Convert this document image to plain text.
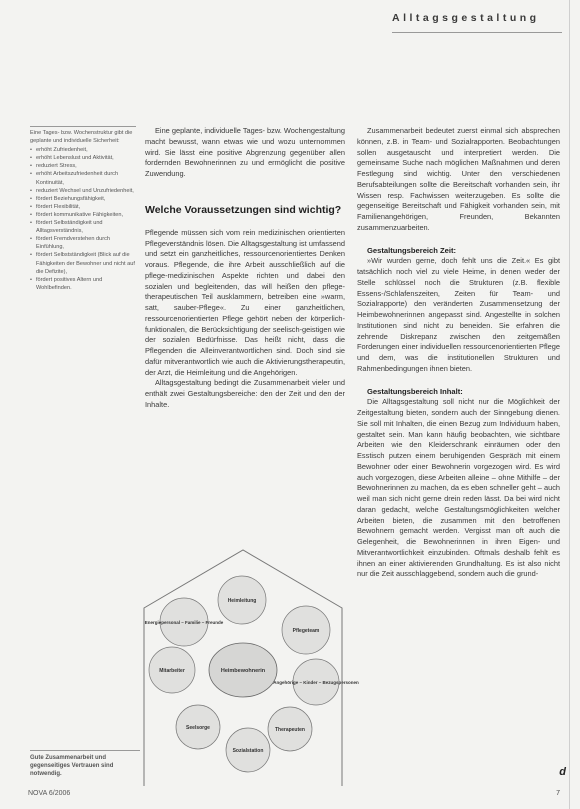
Alltagsgestaltung

Eine Tages- bzw. Wochenstruktur gibt die geplante und individuelle Sicherheit:

• erhöht Zufriedenheit,
• erhöht Lebenslust und Aktivität,
• reduziert Stress,
• erhöht Arbeitszufriedenheit durch Kontinuität,
• reduziert Wechsel und Unzufriedenheit,
• fördert Beziehungsfähigkeit,
• fördert Flexibilität,
• fördert kommunikative Fähigkeiten,
• fördert Selbständigkeit und Alltagsverständnis,
• fördert Fremdverstehen durch Einfühlung,
• fördert Selbstständigkeit (Blick auf die Fähigkeiten der Bewohner und nicht auf die Defizite),
• fördert positives Altern und Wohlbefinden.

Eine geplante, individuelle Tages- bzw. Wochengestaltung macht bewusst, wann etwas wie und wozu unternommen wird. Sie lässt eine positive Abgrenzung gegenüber allen fordernden Bewohnerinnen zu und ermöglicht die positive Zuwendung.

Welche Voraussetzungen sind wichtig?

Pflegende müssen sich vom rein medizinischen orientierten Pflegeverständnis lösen. Die Alltagsgestaltung ist umfassend und setzt ein ganzheitliches, ressourcenorientiertes Denken voraus. Pflegende, die ihre Arbeit ausschließlich auf die pflege-medizinischen Aspekte richten und dabei den sozialen und begleitenden, das will heißen den pflege-therapeutischen Teil ausklammern, betreiben eine »warm, satt, sauber-Pflege«. Zu einer ganzheitlichen, ressourcenorientierten Pflege gehört neben der körperlich-funktionalen, die Berücksichtigung der seelisch-geistigen wie der sozialen Bedürfnisse. Das heißt nicht, dass die Pflegenden die Alleinverantwortlichen sind. Doch sind sie dafür mitverantwortlich wie auch die Aktivierungstherapeutin, der Arzt, die Heimleitung und die Angehörigen.

Alltagsgestaltung bedingt die Zusammenarbeit vieler und enthält zwei Gestaltungsbereiche: den der Zeit und den der Inhalte.

Zusammenarbeit bedeutet zuerst einmal sich absprechen können, z.B. in Team- und Sozialrapporten. Beobachtungen sollen ausgetauscht und interpretiert werden. Die gemeinsame Suche nach möglichen Maßnahmen und deren Festlegung sind wichtig. Unter den verschiedenen Berufsabteilungen sollte die Bereitschaft vorhanden sein, ihr Wissen resp. Fachwissen weiterzugeben. Es sollte die gegenseitige Bereitschaft und Fähigkeit vorhanden sein, mit Familienangehörigen, Freunden, Bekannten zusammenzuarbeiten.

Gestaltungsbereich Zeit:

»Wir wurden gerne, doch fehlt uns die Zeit.« Es gibt tatsächlich noch viel zu viele Heime, in denen weder der Stelle schlüssel noch die Strukturen (z.B. flexible Essens-/Schlafenszeiten, Zeiten für Team- und Sozialrapporte) den veränderten Zusammensetzung der Heimbewohnerinnen angepasst sind. Angestellte in solchen Institutionen sind nicht zu beneiden. Sie erfahren die zehrende Diskrepanz zwischen den zeitgemäßen Forderungen einer individuellen ressourcenorientierten Pflege und dem, was die institutionellen Strukturen und Rahmenbedingungen ihnen bieten.

Gestaltungsbereich Inhalt:

Die Alltagsgestaltung soll nicht nur die Möglichkeit der Zeitgestaltung bieten, sondern auch der Sinngebung dienen. Sie soll mit Inhalten, die einen Bezug zum Individuum haben, gestaltet sein. Man kann häufig beobachten, wie sichtbare Arbeiten wie den Kleiderschrank einräumen oder den Esstisch putzen einem beruhigenden Gespräch mit einem Bewohner oder einer Bewohnerin vorgezogen wird. Es wird auch vorgezogen, diese Arbeiten alleine – ohne Mithilfe – der Bewohnerinnen zu machen, da es eben schneller geht – auch weil man sich nicht gerne drein reden lässt. Da bei wird nicht daran gedacht, welche Gestaltungsmöglichkeiten welcher Arbeiten bieten, die zusammen mit den betroffenen Bewohnern gemacht werden. Vergisst man oft auch die Gelegenheit, die Bewohnerinnen in ihren Eigen- und Mitverantwortlichkeit einzubinden. Oftmals deshalb fehlt es ihnen an einer aktivierenden Grundhaltung. Es ist also nicht nur die Zeit ausschlaggebend, sondern auch die grund-

Heimbewohnerin
Heimleitung
Pflegeteam
Angehörige – Kinder – Bezugspersonen
Therapeuten
Sozialstation
Seelsorge
Mitarbeiter
Energiepersonal – Familie – Freunde
Gute Zusammenarbeit und gegenseitiges Vertrauen sind notwendig.	d
NOVA 6/2006	7
